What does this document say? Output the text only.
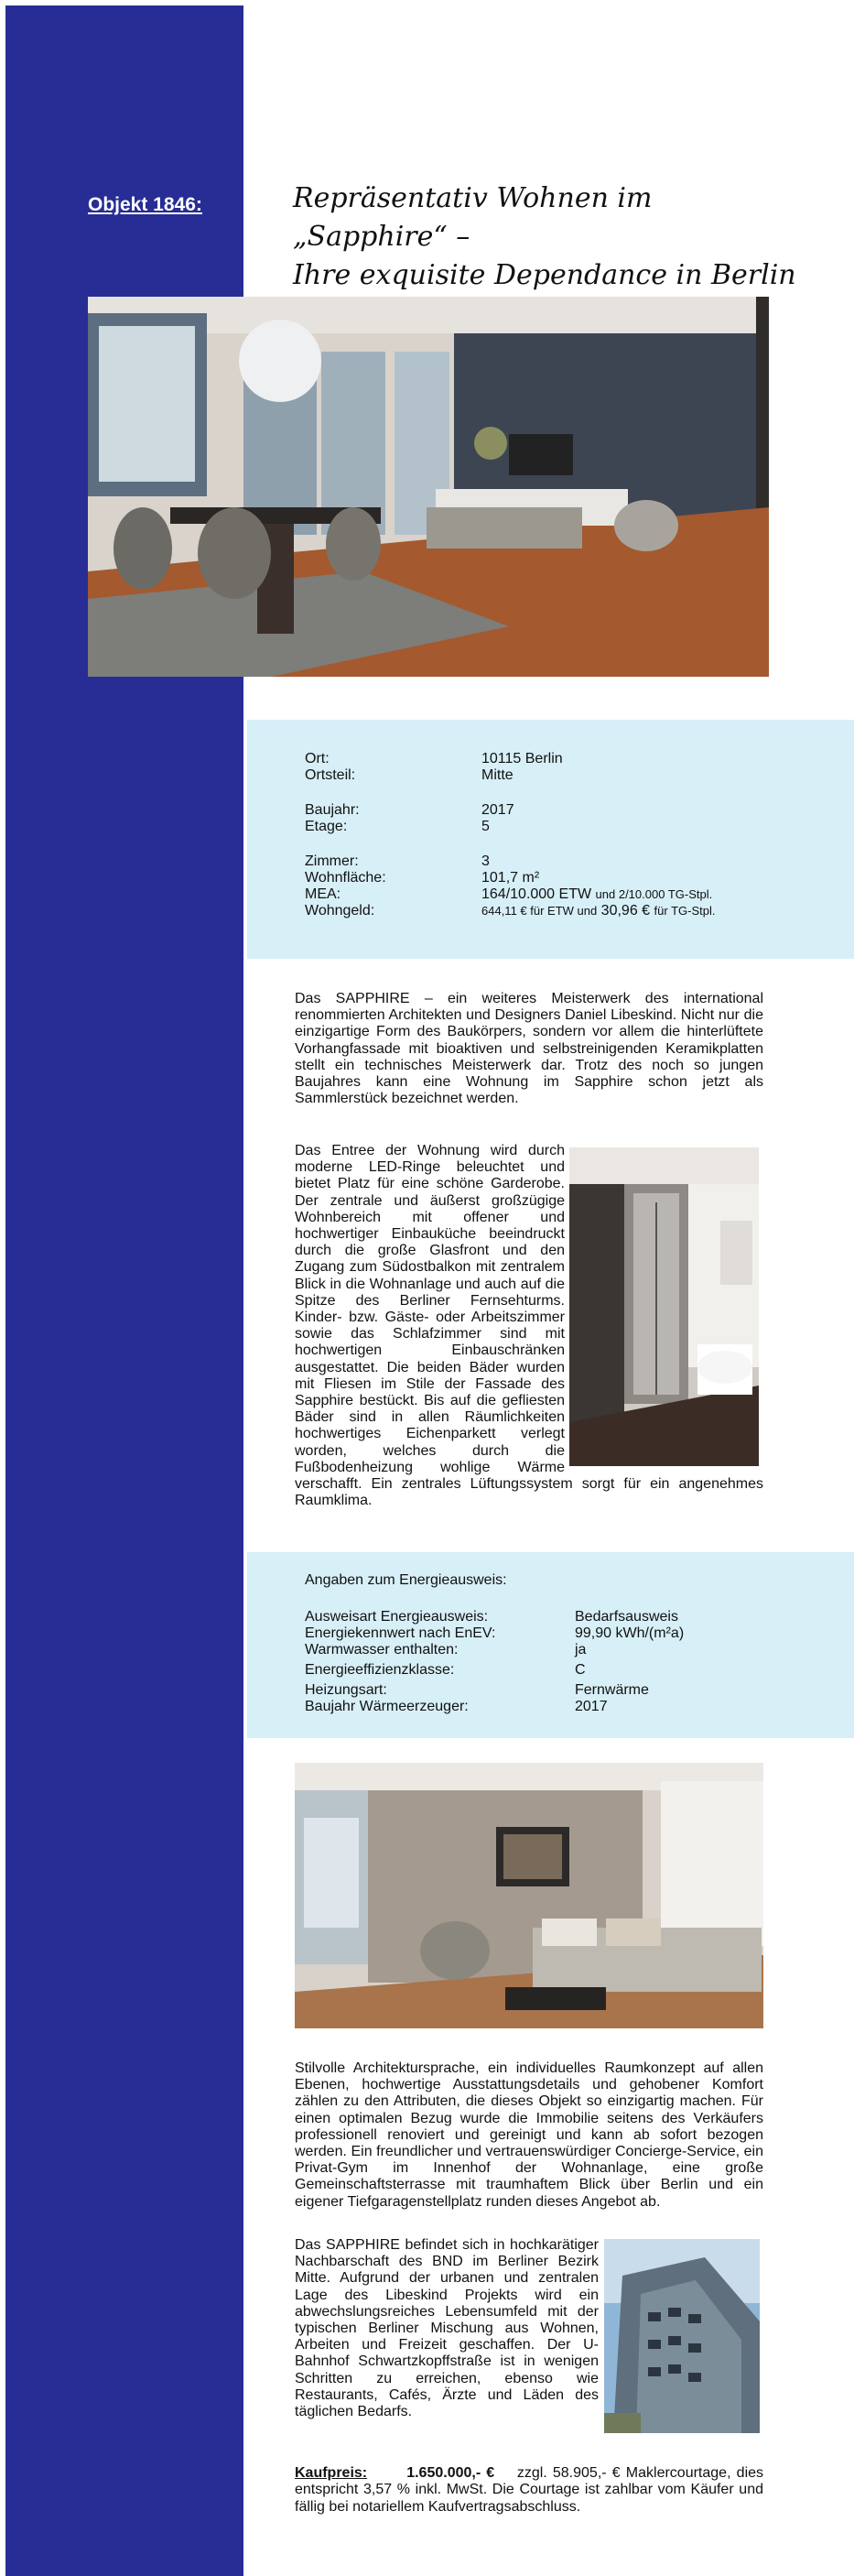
Objekt 1846:	Repräsentativ Wohnen im „Sapphire“ –
Ihre exquisite Dependance in Berlin
Ort:	10115 Berlin
Ortsteil:	Mitte
Baujahr:	2017
Etage:	5
Zimmer:	3
Wohnfläche:	101,7 m²
MEA:	164/10.000 ETW und 2/10.000 TG-Stpl.
Wohngeld:	644,11 € für ETW und 30,96 € für TG-Stpl.
Das SAPPHIRE – ein weiteres Meisterwerk des international renommierten Architekten und Designers Daniel Libeskind. Nicht nur die einzigartige Form des Baukörpers, sondern vor allem die hinterlüftete Vorhangfassade mit bioaktiven und selbstreinigenden Keramikplatten stellt ein technisches Meisterwerk dar. Trotz des noch so jungen Baujahres kann eine Wohnung im Sapphire schon jetzt als Sammlerstück bezeichnet werden.
Das Entree der Wohnung wird durch moderne LED-Ringe beleuchtet und bietet Platz für eine schöne Garderobe. Der zentrale und äußerst großzügige Wohnbereich mit offener und hochwertiger Einbauküche beeindruckt durch die große Glasfront und den Zugang zum Südostbalkon mit zentralem Blick in die Wohnanlage und auch auf die Spitze des Berliner Fernsehturms. Kinder- bzw. Gäste- oder Arbeitszimmer sowie das Schlafzimmer sind mit hochwertigen Einbauschränken ausgestattet. Die beiden Bäder wurden mit Fliesen im Stile der Fassade des Sapphire bestückt. Bis auf die gefliesten Bäder sind in allen Räumlichkeiten hochwertiges Eichenparkett verlegt worden, welches durch die Fußbodenheizung wohlige Wärme verschafft. Ein zentrales Lüftungssystem sorgt für ein angenehmes Raumklima.
Angaben zum Energieausweis:
Ausweisart Energieausweis:	Bedarfsausweis
Energiekennwert nach EnEV:	99,90 kWh/(m²a)
Warmwasser enthalten:	ja
Energieeffizienzklasse:	C
Heizungsart:	Fernwärme
Baujahr Wärmeerzeuger:	2017
Stilvolle Architektursprache, ein individuelles Raumkonzept auf allen Ebenen, hochwertige Ausstattungsdetails und gehobener Komfort zählen zu den Attributen, die dieses Objekt so einzigartig machen. Für einen optimalen Bezug wurde die Immobilie seitens des Verkäufers professionell renoviert und gereinigt und kann ab sofort bezogen werden. Ein freundlicher und vertrauenswürdiger Concierge-Service, ein Privat-Gym im Innenhof der Wohnanlage, eine große Gemeinschaftsterrasse mit traumhaftem Blick über Berlin und ein eigener Tiefgaragenstellplatz runden dieses Angebot ab.
Das SAPPHIRE befindet sich in hochkarätiger Nachbarschaft des BND im Berliner Bezirk Mitte. Aufgrund der urbanen und zentralen Lage des Libeskind Projekts wird ein abwechslungsreiches Lebensumfeld mit der typischen Berliner Mischung aus Wohnen, Arbeiten und Freizeit geschaffen. Der U-Bahnhof Schwartzkopffstraße ist in wenigen Schritten zu erreichen, ebenso wie Restaurants, Cafés, Ärzte und Läden des täglichen Bedarfs.
Kaufpreis:	1.650.000,- € zzgl. 58.905,- € Maklercourtage, dies entspricht 3,57 % inkl. MwSt. Die Courtage ist zahlbar vom Käufer und fällig bei notariellem Kaufvertragsabschluss.
